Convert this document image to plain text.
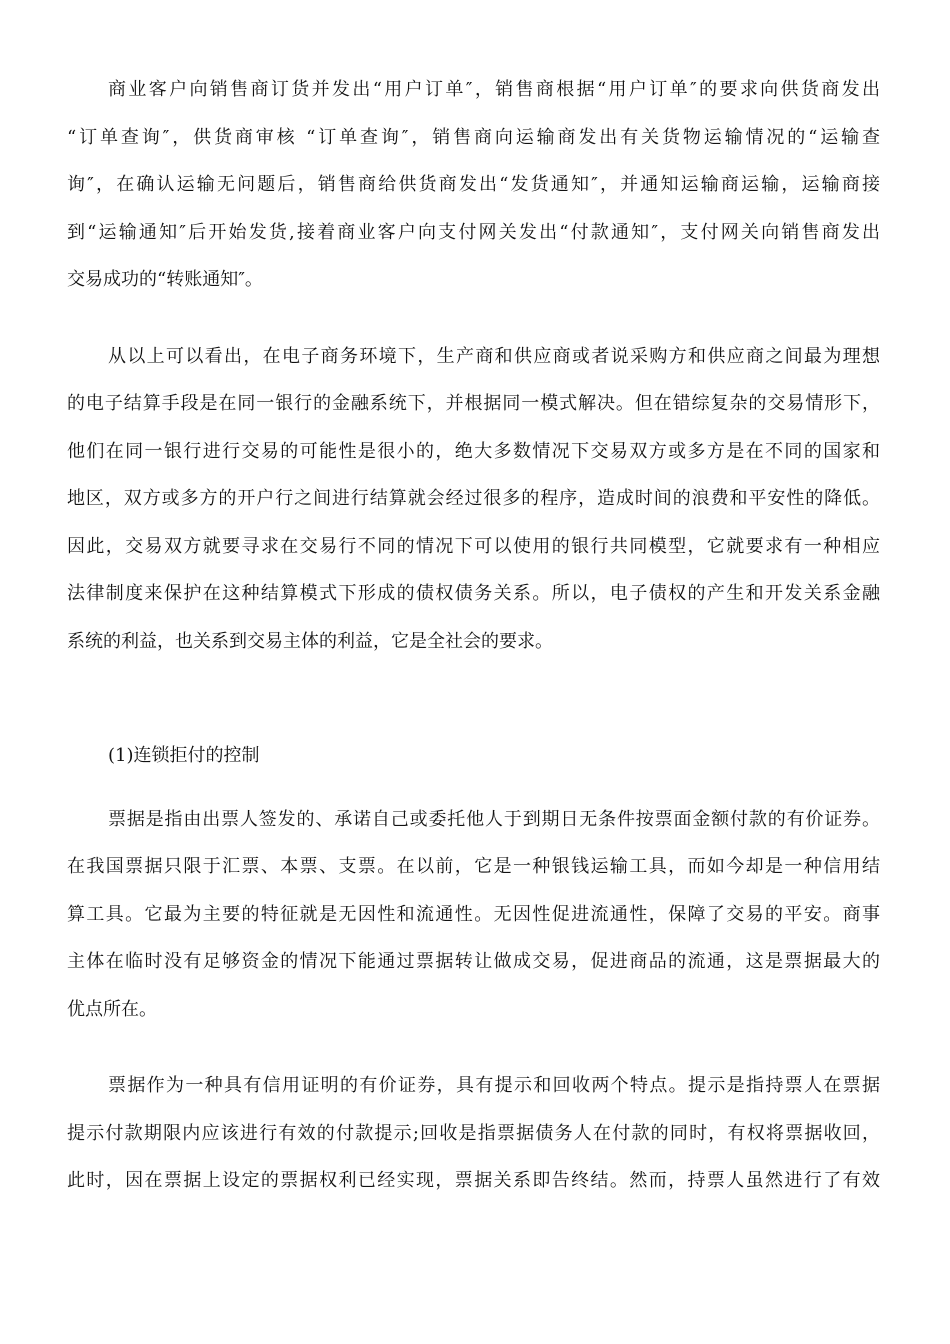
商业客户向销售商订货并发出“用户订单″，销售商根据“用户订单″的要求向供货商发出
“订单查询″，供货商审核 “订单查询″，销售商向运输商发出有关货物运输情况的“运输查
询″，在确认运输无问题后，销售商给供货商发出“发货通知″，并通知运输商运输，运输商接
到“运输通知″后开始发货,接着商业客户向支付网关发出“付款通知″，支付网关向销售商发出
交易成功的“转账通知″。
从以上可以看出，在电子商务环境下，生产商和供应商或者说采购方和供应商之间最为理想
的电子结算手段是在同一银行的金融系统下，并根据同一模式解决。但在错综复杂的交易情形下，
他们在同一银行进行交易的可能性是很小的，绝大多数情况下交易双方或多方是在不同的国家和
地区，双方或多方的开户行之间进行结算就会经过很多的程序，造成时间的浪费和平安性的降低。
因此，交易双方就要寻求在交易行不同的情况下可以使用的银行共同模型，它就要求有一种相应
法律制度来保护在这种结算模式下形成的债权债务关系。所以，电子债权的产生和开发关系金融
系统的利益，也关系到交易主体的利益，它是全社会的要求。
(1)连锁拒付的控制
票据是指由出票人签发的、承诺自己或委托他人于到期日无条件按票面金额付款的有价证券。
在我国票据只限于汇票、本票、支票。在以前，它是一种银钱运输工具，而如今却是一种信用结
算工具。它最为主要的特征就是无因性和流通性。无因性促进流通性，保障了交易的平安。商事
主体在临时没有足够资金的情况下能通过票据转让做成交易，促进商品的流通，这是票据最大的
优点所在。
票据作为一种具有信用证明的有价证券，具有提示和回收两个特点。提示是指持票人在票据
提示付款期限内应该进行有效的付款提示;回收是指票据债务人在付款的同时，有权将票据收回，
此时，因在票据上设定的票据权利已经实现，票据关系即告终结。然而，持票人虽然进行了有效
